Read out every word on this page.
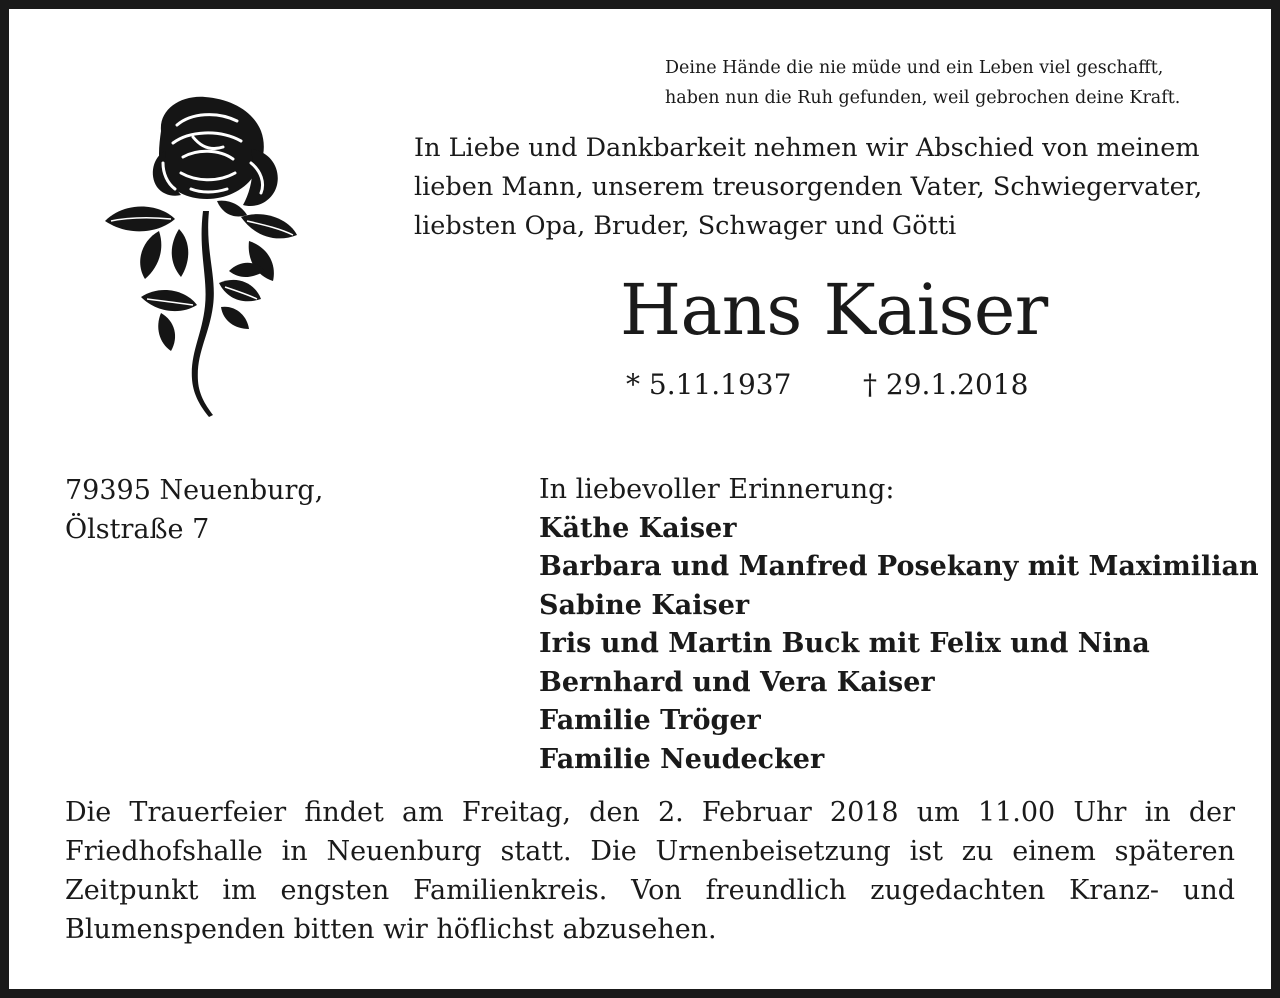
Deine Hände die nie müde und ein Leben viel geschafft,
haben nun die Ruh gefunden, weil gebrochen deine Kraft.
In Liebe und Dankbarkeit nehmen wir Abschied von meinem
lieben Mann, unserem treusorgenden Vater, Schwiegervater,
liebsten Opa, Bruder, Schwager und Götti
Hans Kaiser
* 5.11.1937	† 29.1.2018
79395 Neuenburg,
Ölstraße 7
In liebevoller Erinnerung:
Käthe Kaiser
Barbara und Manfred Posekany mit Maximilian
Sabine Kaiser
Iris und Martin Buck mit Felix und Nina
Bernhard und Vera Kaiser
Familie Tröger
Familie Neudecker
Die Trauerfeier findet am Freitag, den 2. Februar 2018 um 11.00 Uhr in der Friedhofshalle in Neuenburg statt. Die Urnenbeisetzung ist zu einem späteren Zeitpunkt im engsten Familienkreis. Von freundlich zugedachten Kranz- und Blumenspenden bitten wir höflichst abzusehen.
